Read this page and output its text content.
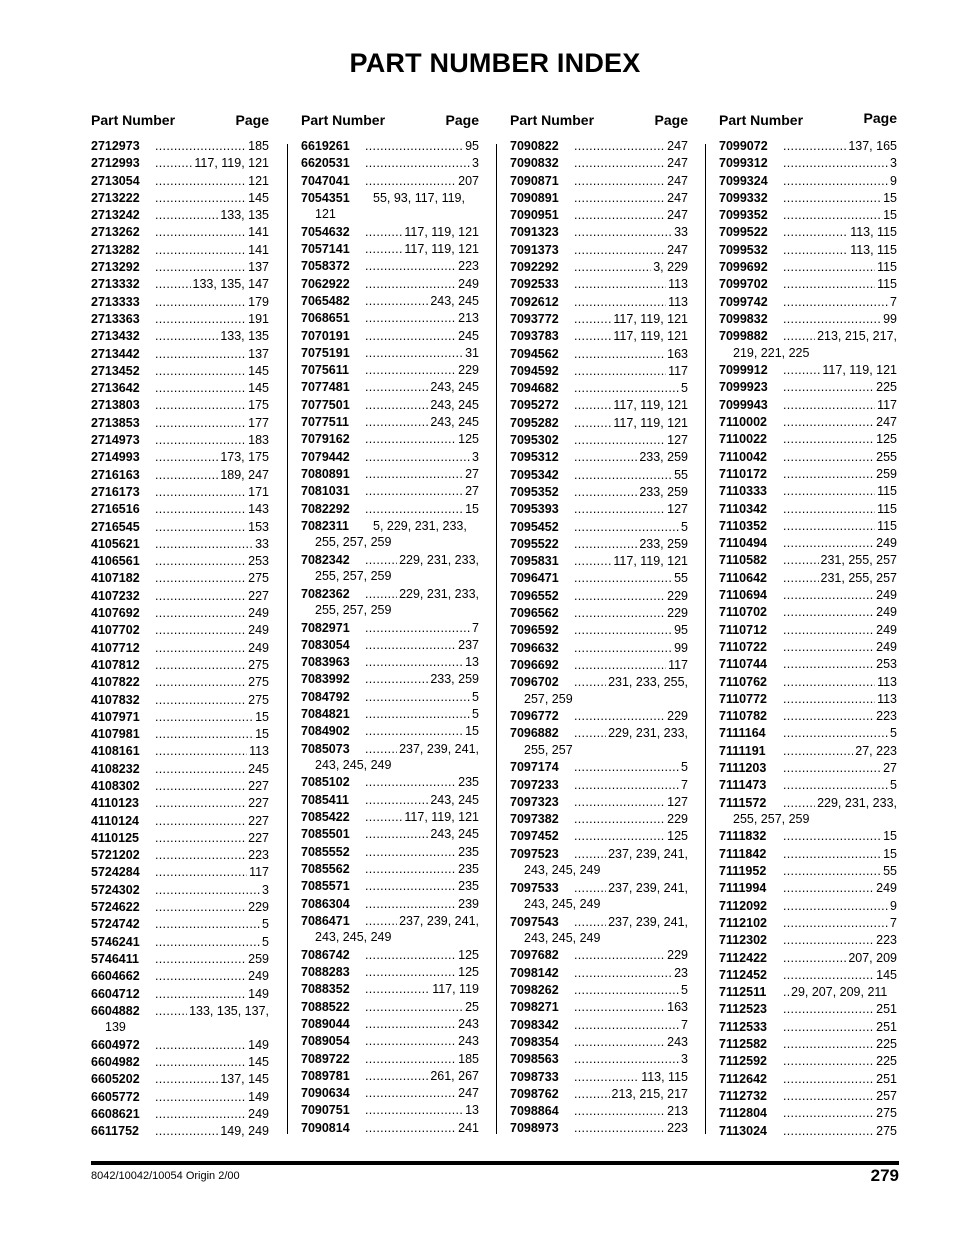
PART NUMBER INDEX
Part Number	Page
2712973 .....	185
2712993 .....	117, 119, 121
2713054 .....	121
2713222 .....	145
2713242 .....	133, 135
2713262 .....	141
2713282 .....	141
2713292 .....	137
2713332 .....	133, 135, 147
2713333 .....	179
2713363 .....	191
2713432 .....	133, 135
2713442 .....	137
2713452 .....	145
2713642 .....	145
2713803 .....	175
2713853 .....	177
2714973 .....	183
2714993 .....	173, 175
2716163 .....	189, 247
2716173 .....	171
2716516 .....	143
2716545 .....	153
4105621 .....	33
4106561 .....	253
4107182 .....	275
4107232 .....	227
4107692 .....	249
4107702 .....	249
4107712 .....	249
4107812 .....	275
4107822 .....	275
4107832 .....	275
4107971 .....	15
4107981 .....	15
4108161 .....	113
4108232 .....	245
4108302 .....	227
4110123 .....	227
4110124 .....	227
4110125 .....	227
5721202 .....	223
5724284 .....	117
5724302 .....	3
5724622 .....	229
5724742 .....	5
5746241 .....	5
5746411 .....	259
6604662 .....	249
6604712 .....	149
6604882 .....	133, 135, 137,
139
6604972 .....	149
6604982 .....	145
6605202 .....	137, 145
6605772 .....	149
6608621 .....	249
6611752 .....	149, 249
Part Number	Page
6619261 .....	95
6620531 .....	3
7047041 .....	207
7054351	55, 93, 117, 119,
121
7054632 .....	117, 119, 121
7057141 .....	117, 119, 121
7058372 .....	223
7062922 .....	249
7065482 .....	243, 245
7068651 .....	213
7070191 .....	245
7075191 .....	31
7075611 .....	229
7077481 .....	243, 245
7077501 .....	243, 245
7077511 .....	243, 245
7079162 .....	125
7079442 .....	3
7080891 .....	27
7081031 .....	27
7082292 .....	15
7082311	5, 229, 231, 233,
255, 257, 259
7082342 .....	229, 231, 233,
255, 257, 259
7082362 .....	229, 231, 233,
255, 257, 259
7082971 .....	7
7083054 .....	237
7083963 .....	13
7083992 .....	233, 259
7084792 .....	5
7084821 .....	5
7084902 .....	15
7085073 .....	237, 239, 241,
243, 245, 249
7085102 .....	235
7085411 .....	243, 245
7085422 .....	117, 119, 121
7085501 .....	243, 245
7085552 .....	235
7085562 .....	235
7085571 .....	235
7086304 .....	239
7086471 .....	237, 239, 241,
243, 245, 249
7086742 .....	125
7088283 .....	125
7088352 .....	117, 119
7088522 .....	25
7089044 .....	243
7089054 .....	243
7089722 .....	185
7089781 .....	261, 267
7090634 .....	247
7090751 .....	13
7090814 .....	241
Part Number	Page
7090822 .....	247
7090832 .....	247
7090871 .....	247
7090891 .....	247
7090951 .....	247
7091323 .....	33
7091373 .....	247
7092292 .....	3, 229
7092533 .....	113
7092612 .....	113
7093772 .....	117, 119, 121
7093783 .....	117, 119, 121
7094562 .....	163
7094592 .....	117
7094682 .....	5
7095272 .....	117, 119, 121
7095282 .....	117, 119, 121
7095302 .....	127
7095312 .....	233, 259
7095342 .....	55
7095352 .....	233, 259
7095393 .....	127
7095452 .....	5
7095522 .....	233, 259
7095831 .....	117, 119, 121
7096471 .....	55
7096552 .....	229
7096562 .....	229
7096592 .....	95
7096632 .....	99
7096692 .....	117
7096702 .....	231, 233, 255,
257, 259
7096772 .....	229
7096882 .....	229, 231, 233,
255, 257
7097174 .....	5
7097233 .....	7
7097323 .....	127
7097382 .....	229
7097452 .....	125
7097523 .....	237, 239, 241,
243, 245, 249
7097533 .....	237, 239, 241,
243, 245, 249
7097543 .....	237, 239, 241,
243, 245, 249
7097682 .....	229
7098142 .....	23
7098262 .....	5
7098271 .....	163
7098342 .....	7
7098354 .....	243
7098563 .....	3
7098733 .....	113, 115
7098762 .....	213, 215, 217
7098864 .....	213
7098973 .....	223
Part Number	Page
7099072 .....	137, 165
7099312 .....	3
7099324 .....	9
7099332 .....	15
7099352 .....	15
7099522 .....	113, 115
7099532 .....	113, 115
7099692 .....	115
7099702 .....	115
7099742 .....	7
7099832 .....	99
7099882 .....	213, 215, 217,
219, 221, 225
7099912 .....	117, 119, 121
7099923 .....	225
7099943 .....	117
7110002 .....	247
7110022 .....	125
7110042 .....	255
7110172 .....	259
7110333 .....	115
7110342 .....	115
7110352 .....	115
7110494 .....	249
7110582 .....	231, 255, 257
7110642 .....	231, 255, 257
7110694 .....	249
7110702 .....	249
7110712 .....	249
7110722 .....	249
7110744 .....	253
7110762 .....	113
7110772 .....	113
7110782 .....	223
7111164 .....	5
7111191 .....	27, 223
7111203 .....	27
7111473 .....	5
7111572 .....	229, 231, 233,
255, 257, 259
7111832 .....	15
7111842 .....	15
7111952 .....	55
7111994 .....	249
7112092 .....	9
7112102 .....	7
7112302 .....	223
7112422 .....	207, 209
7112452 .....	145
7112511 .....	29, 207, 209, 211
7112523 .....	251
7112533 .....	251
7112582 .....	225
7112592 .....	225
7112642 .....	251
7112732 .....	257
7112804 .....	275
7113024 .....	275
8042/10042/10054 Origin 2/00	279
